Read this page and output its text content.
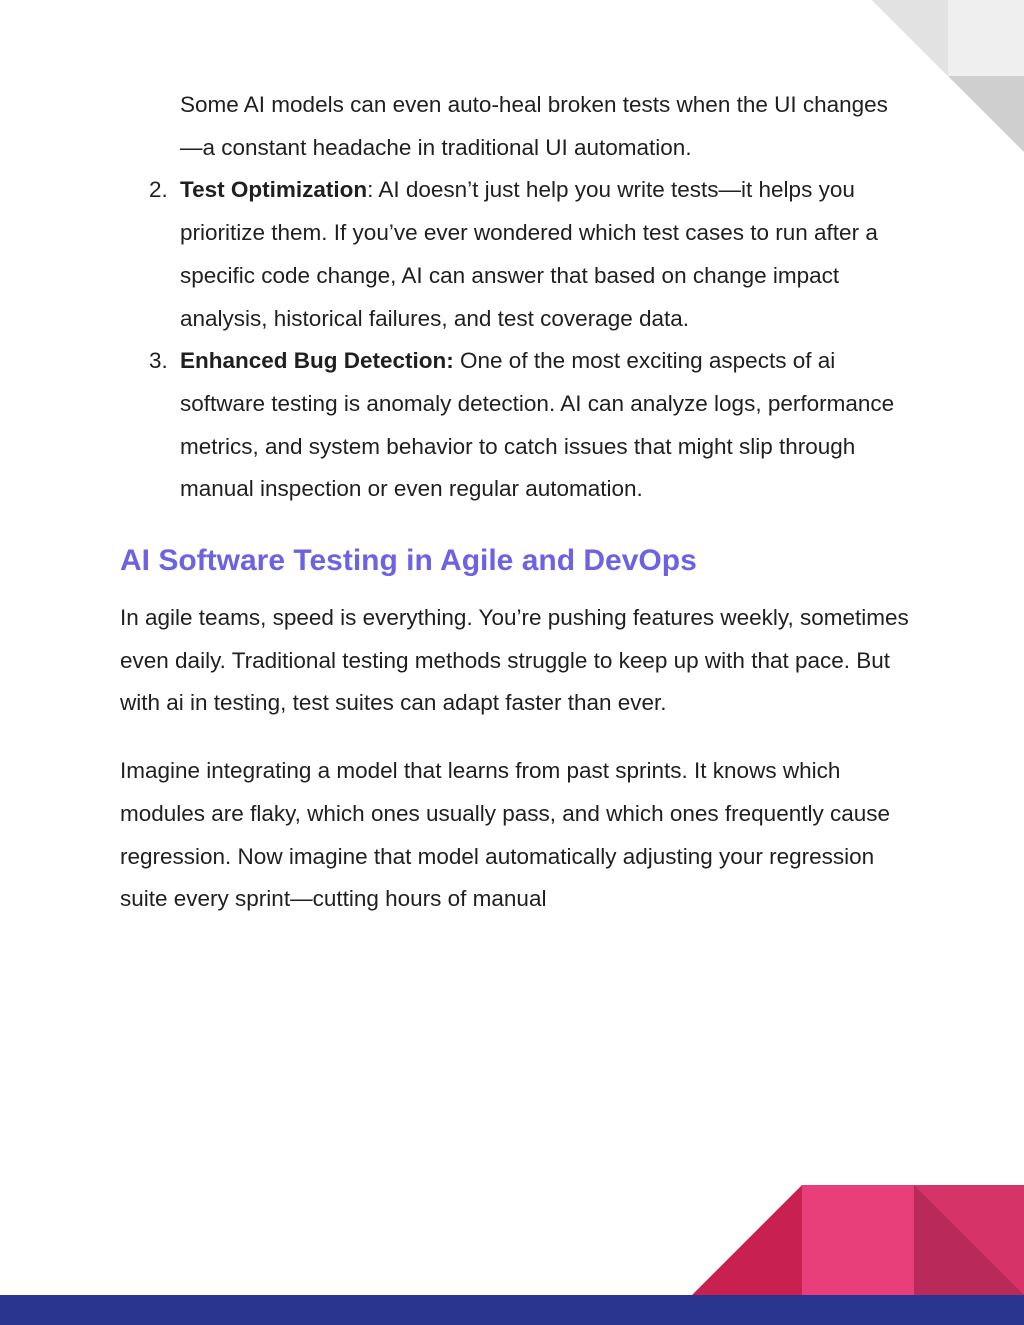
Some AI models can even auto-heal broken tests when the UI changes—a constant headache in traditional UI automation.
2. Test Optimization: AI doesn’t just help you write tests—it helps you prioritize them. If you’ve ever wondered which test cases to run after a specific code change, AI can answer that based on change impact analysis, historical failures, and test coverage data.
3. Enhanced Bug Detection: One of the most exciting aspects of ai software testing is anomaly detection. AI can analyze logs, performance metrics, and system behavior to catch issues that might slip through manual inspection or even regular automation.
AI Software Testing in Agile and DevOps

In agile teams, speed is everything. You’re pushing features weekly, sometimes even daily. Traditional testing methods struggle to keep up with that pace. But with ai in testing, test suites can adapt faster than ever.

Imagine integrating a model that learns from past sprints. It knows which modules are flaky, which ones usually pass, and which ones frequently cause regression. Now imagine that model automatically adjusting your regression suite every sprint—cutting hours of manual
